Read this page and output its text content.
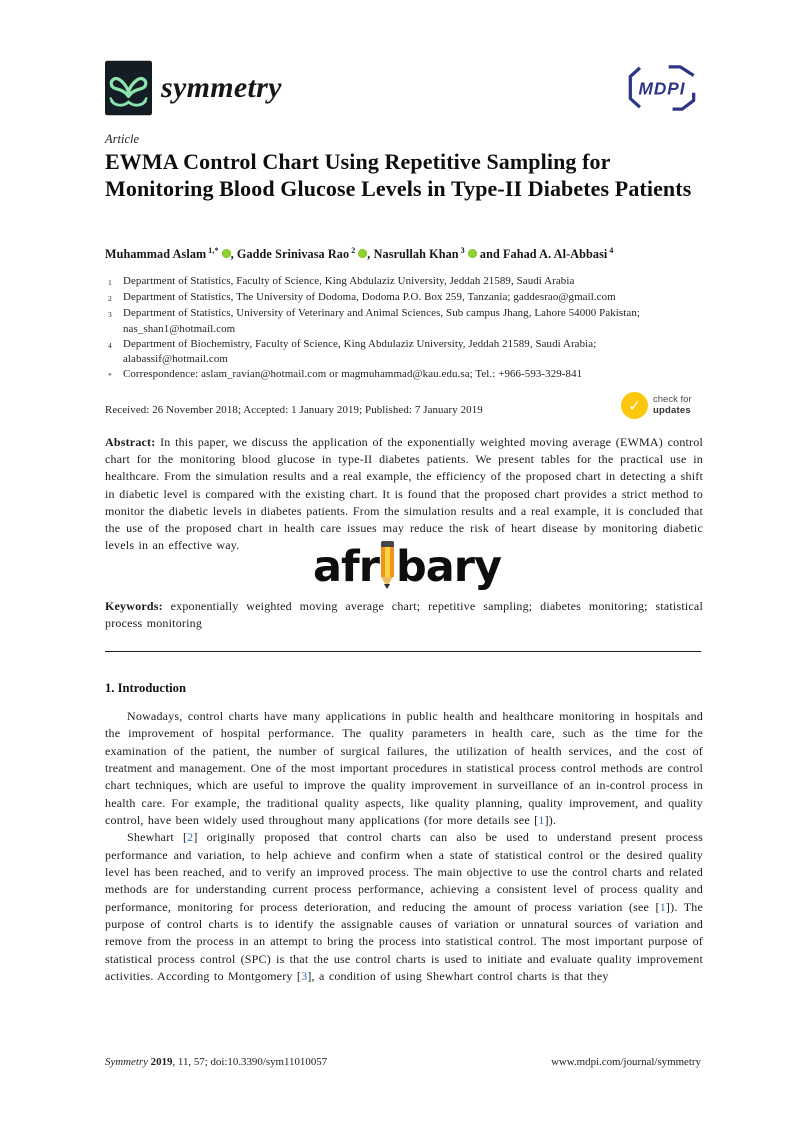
symmetry	MDPI
Article
EWMA Control Chart Using Repetitive Sampling for Monitoring Blood Glucose Levels in Type-II Diabetes Patients
Muhammad Aslam $^{1,*}$ , Gadde Srinivasa Rao $^2$ , Nasrullah Khan $^3$ and Fahad A. Al-Abbasi $^4$
1	Department of Statistics, Faculty of Science, King Abdulaziz University, Jeddah 21589, Saudi Arabia
2	Department of Statistics, The University of Dodoma, Dodoma P.O. Box 259, Tanzania; gaddesrao@gmail.com
3	Department of Statistics, University of Veterinary and Animal Sciences, Sub campus Jhang, Lahore 54000 Pakistan; nas_shan1@hotmail.com
4	Department of Biochemistry, Faculty of Science, King Abdulaziz University, Jeddah 21589, Saudi Arabia; alabassif@hotmail.com
*	Correspondence: aslam_ravian@hotmail.com or magmuhammad@kau.edu.sa; Tel.: +966-593-329-841
Received: 26 November 2018; Accepted: 1 January 2019; Published: 7 January 2019	✓	check for
updates

Abstract: In this paper, we discuss the application of the exponentially weighted moving average (EWMA) control chart for the monitoring blood glucose in type-II diabetes patients. We present tables for the practical use in healthcare. From the simulation results and a real example, the efficiency of the proposed chart in detecting a shift in diabetic level is compared with the existing chart. It is found that the proposed chart provides a strict method to monitor the diabetic levels in diabetes patients. From the simulation results and a real example, it is concluded that the use of the proposed chart in health care issues may reduce the risk of heart disease by monitoring diabetic levels in an effective way.	afr bary

Keywords: exponentially weighted moving average chart; repetitive sampling; diabetes monitoring; statistical process monitoring

1. Introduction

Nowadays, control charts have many applications in public health and healthcare monitoring in hospitals and the improvement of hospital performance. The quality parameters in health care, such as the time for the examination of the patient, the number of surgical failures, the utilization of health services, and the cost of treatment and management. One of the most important procedures in statistical process control methods are control chart techniques, which are useful to improve the quality improvement in surveillance of an in-control process in health care. For example, the traditional quality aspects, like quality planning, quality improvement, and quality control, have been widely used throughout many applications (for more details see [1]).

Shewhart [2] originally proposed that control charts can also be used to understand present process performance and variation, to help achieve and confirm when a state of statistical control or the desired quality level has been reached, and to verify an improved process. The main objective to use the control charts and related methods are for understanding current process performance, achieving a consistent level of process quality and performance, monitoring for process deterioration, and reducing the amount of process variation (see [1]). The purpose of control charts is to identify the assignable causes of variation or unnatural sources of variation and remove from the process in an attempt to bring the process into statistical control. The most important purpose of statistical process control (SPC) is that the use control charts is used to initiate and evaluate quality improvement activities. According to Montgomery [3], a condition of using Shewhart control charts is that they

Symmetry 2019, 11, 57; doi:10.3390/sym11010057	www.mdpi.com/journal/symmetry
